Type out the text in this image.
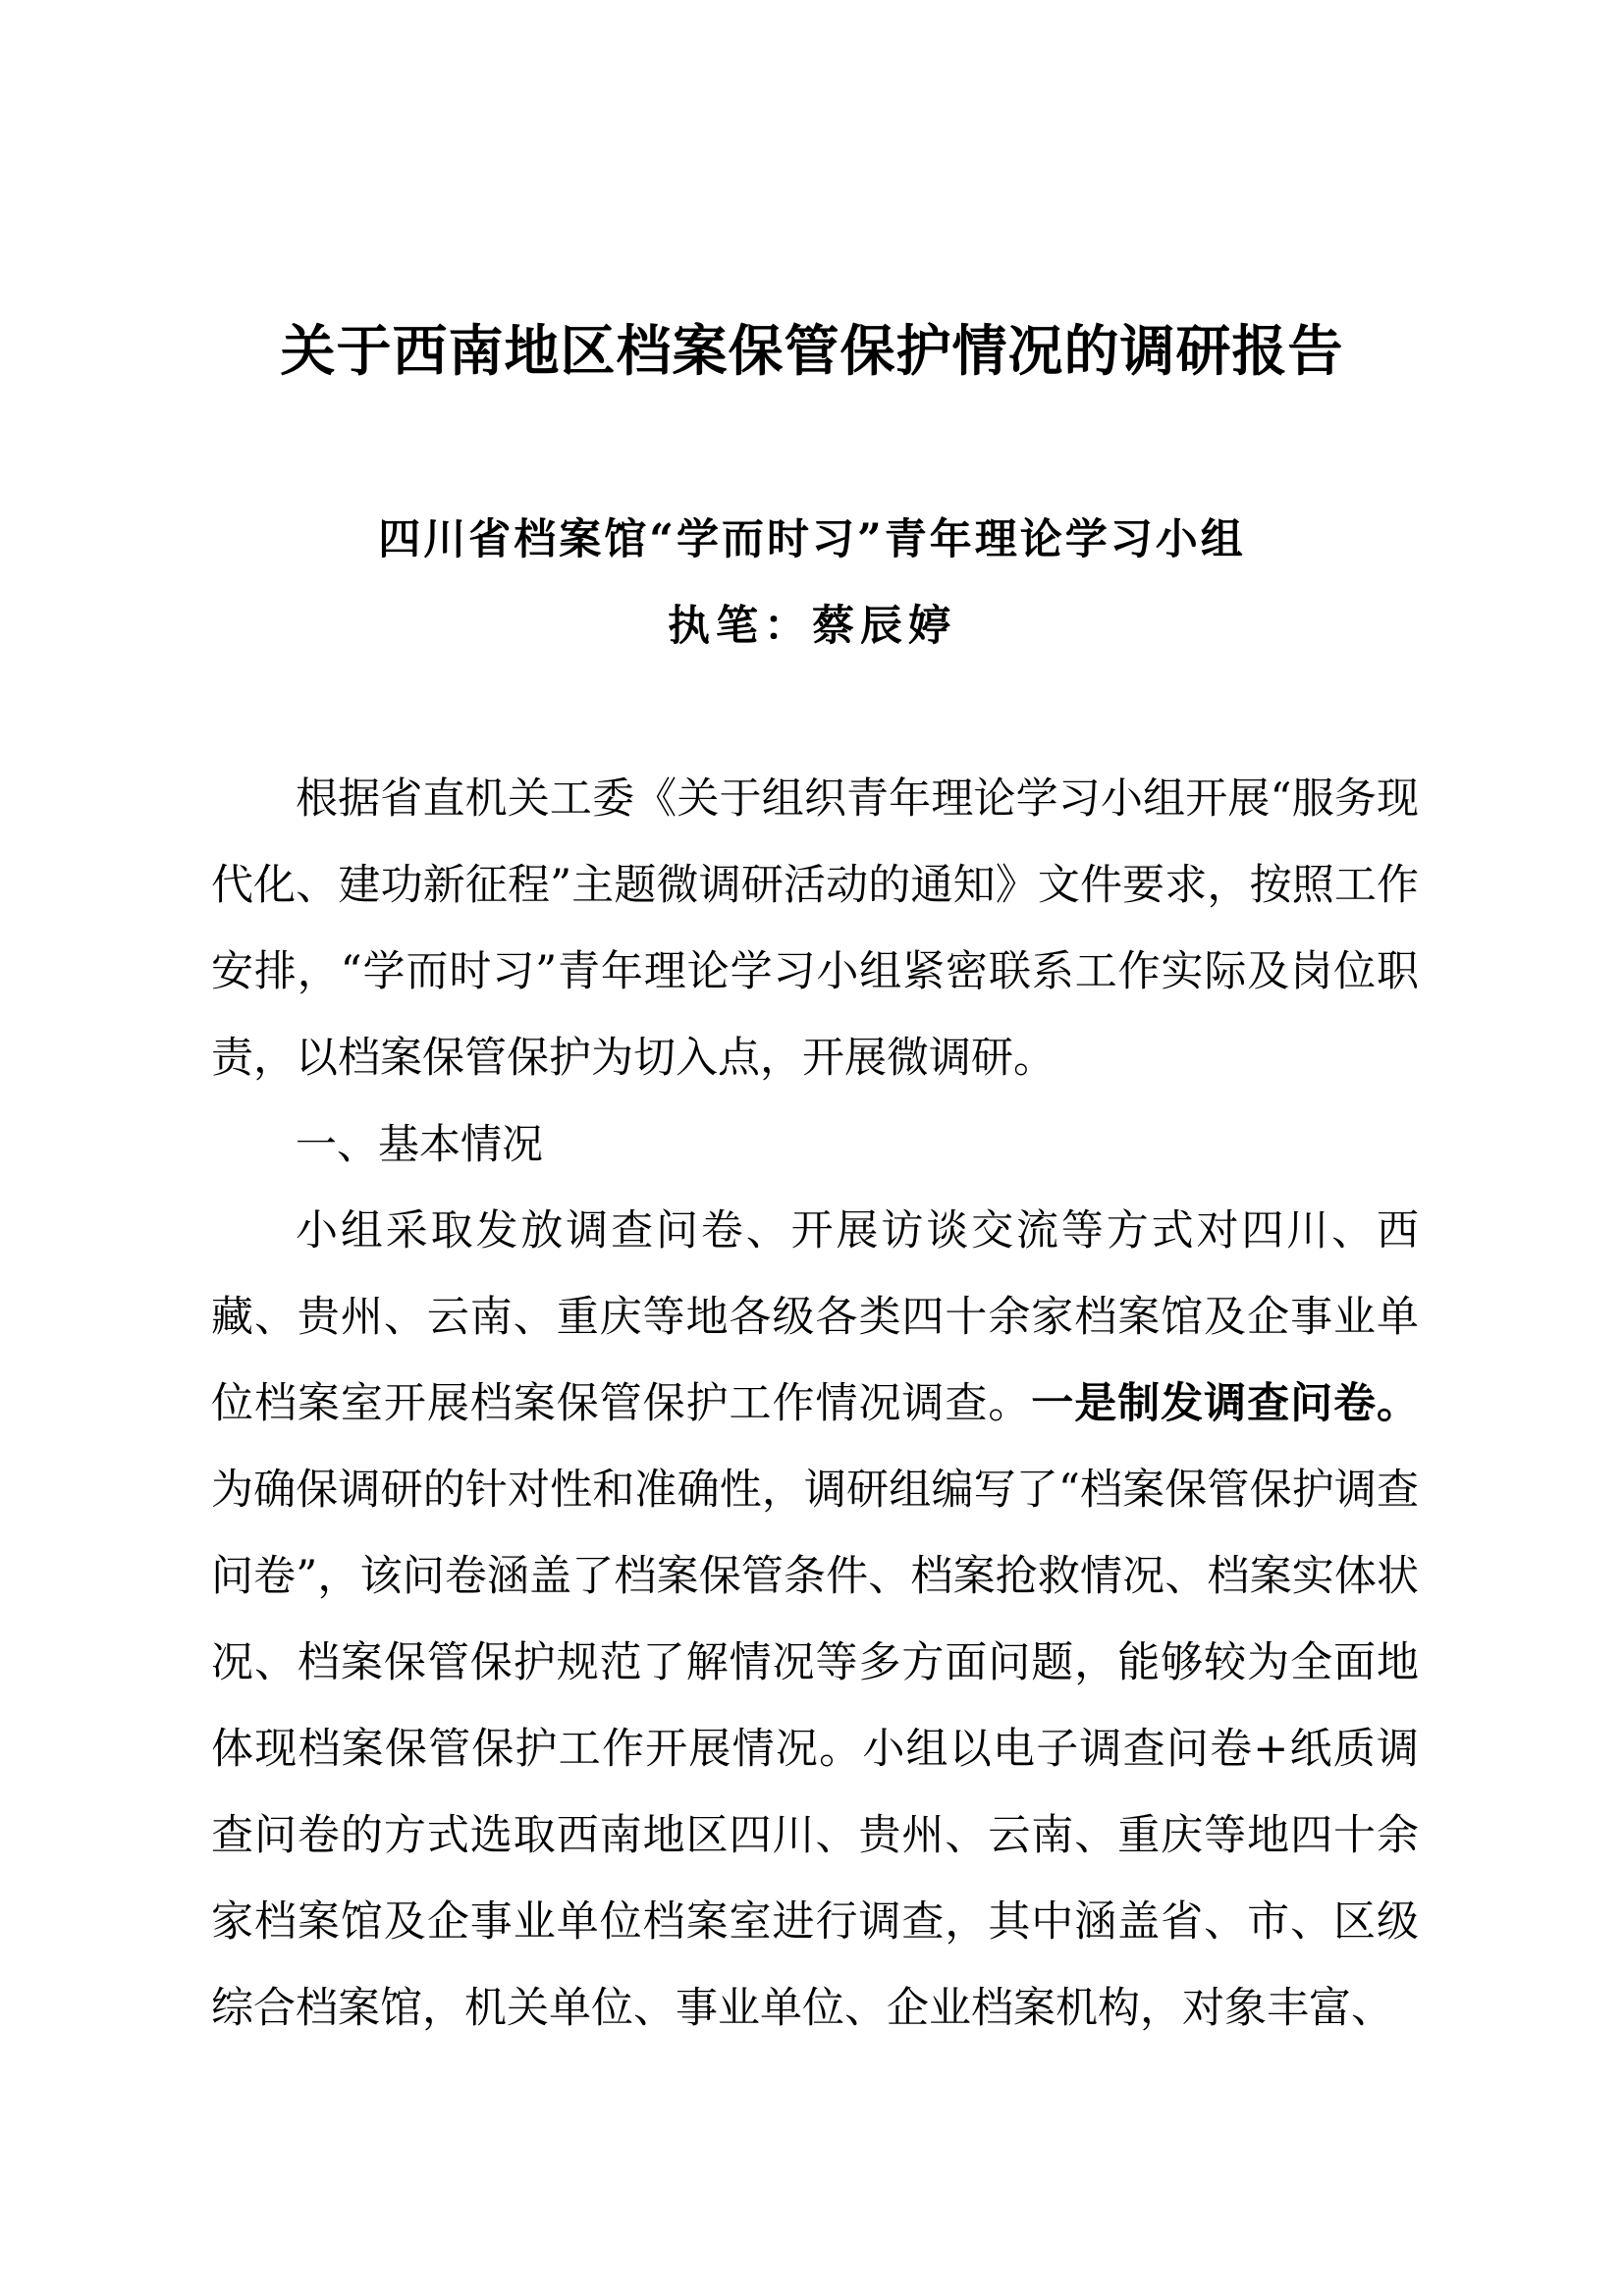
关于西南地区档案保管保护情况的调研报告
四川省档案馆“学而时习”青年理论学习小组
执笔：蔡辰婷

根据省直机关工委《关于组织青年理论学习小组开展“服务现代化、建功新征程”主题微调研活动的通知》文件要求，按照工作安排，“学而时习”青年理论学习小组紧密联系工作实际及岗位职责，以档案保管保护为切入点，开展微调研。

一、基本情况

小组采取发放调查问卷、开展访谈交流等方式对四川、西藏、贵州、云南、重庆等地各级各类四十余家档案馆及企事业单位档案室开展档案保管保护工作情况调查。一是制发调查问卷。为确保调研的针对性和准确性，调研组编写了“档案保管保护调查问卷”，该问卷涵盖了档案保管条件、档案抢救情况、档案实体状况、档案保管保护规范了解情况等多方面问题，能够较为全面地体现档案保管保护工作开展情况。小组以电子调查问卷+纸质调查问卷的方式选取西南地区四川、贵州、云南、重庆等地四十余家档案馆及企事业单位档案室进行调查，其中涵盖省、市、区级综合档案馆，机关单位、事业单位、企业档案机构，对象丰富、
